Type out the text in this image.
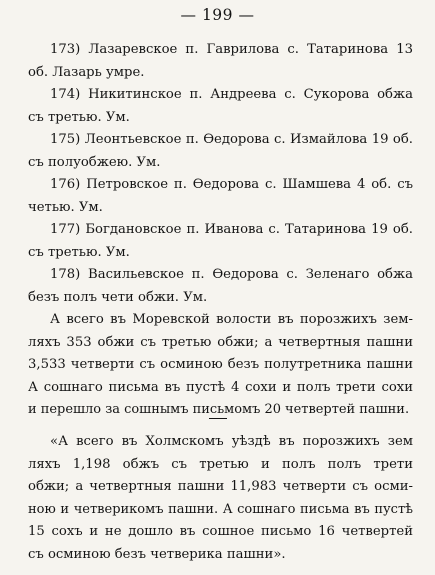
— 199 —
173) Лазаревское п. Гаврилова с. Татаринова 13
об. Лазарь умре.
174) Никитинское п. Андреева с. Сукорова обжа
съ третью. Ум.
175) Леонтьевское п. Ѳедорова с. Измайлова 19 об.
съ полуобжею. Ум.
176) Петровское п. Ѳедорова с. Шамшева 4 об. съ
четью. Ум.
177) Богдановское п. Иванова с. Татаринова 19 об.
съ третью. Ум.
178) Васильевское п. Ѳедорова с. Зеленаго обжа
безъ полъ чети обжи. Ум.
А всего въ Моревской волости въ порозжихъ зем-
ляхъ 353 обжи съ третью обжи; а четвертныя пашни
3,533 четверти съ осминою безъ полутретника пашни
А сошнаго письма въ пустѣ 4 сохи и полъ трети сохи
и перешло за сошнымъ письмомъ 20 четвертей пашни.
«А всего въ Холмскомъ уѣздѣ въ порозжихъ зем
ляхъ 1,198 обжъ съ третью и полъ полъ трети
обжи; а четвертныя пашни 11,983 четверти съ осми-
ною и четверикомъ пашни. А сошнаго письма въ пустѣ
15 сохъ и не дошло въ сошное письмо 16 четвертей
съ осминою безъ четверика пашни».
